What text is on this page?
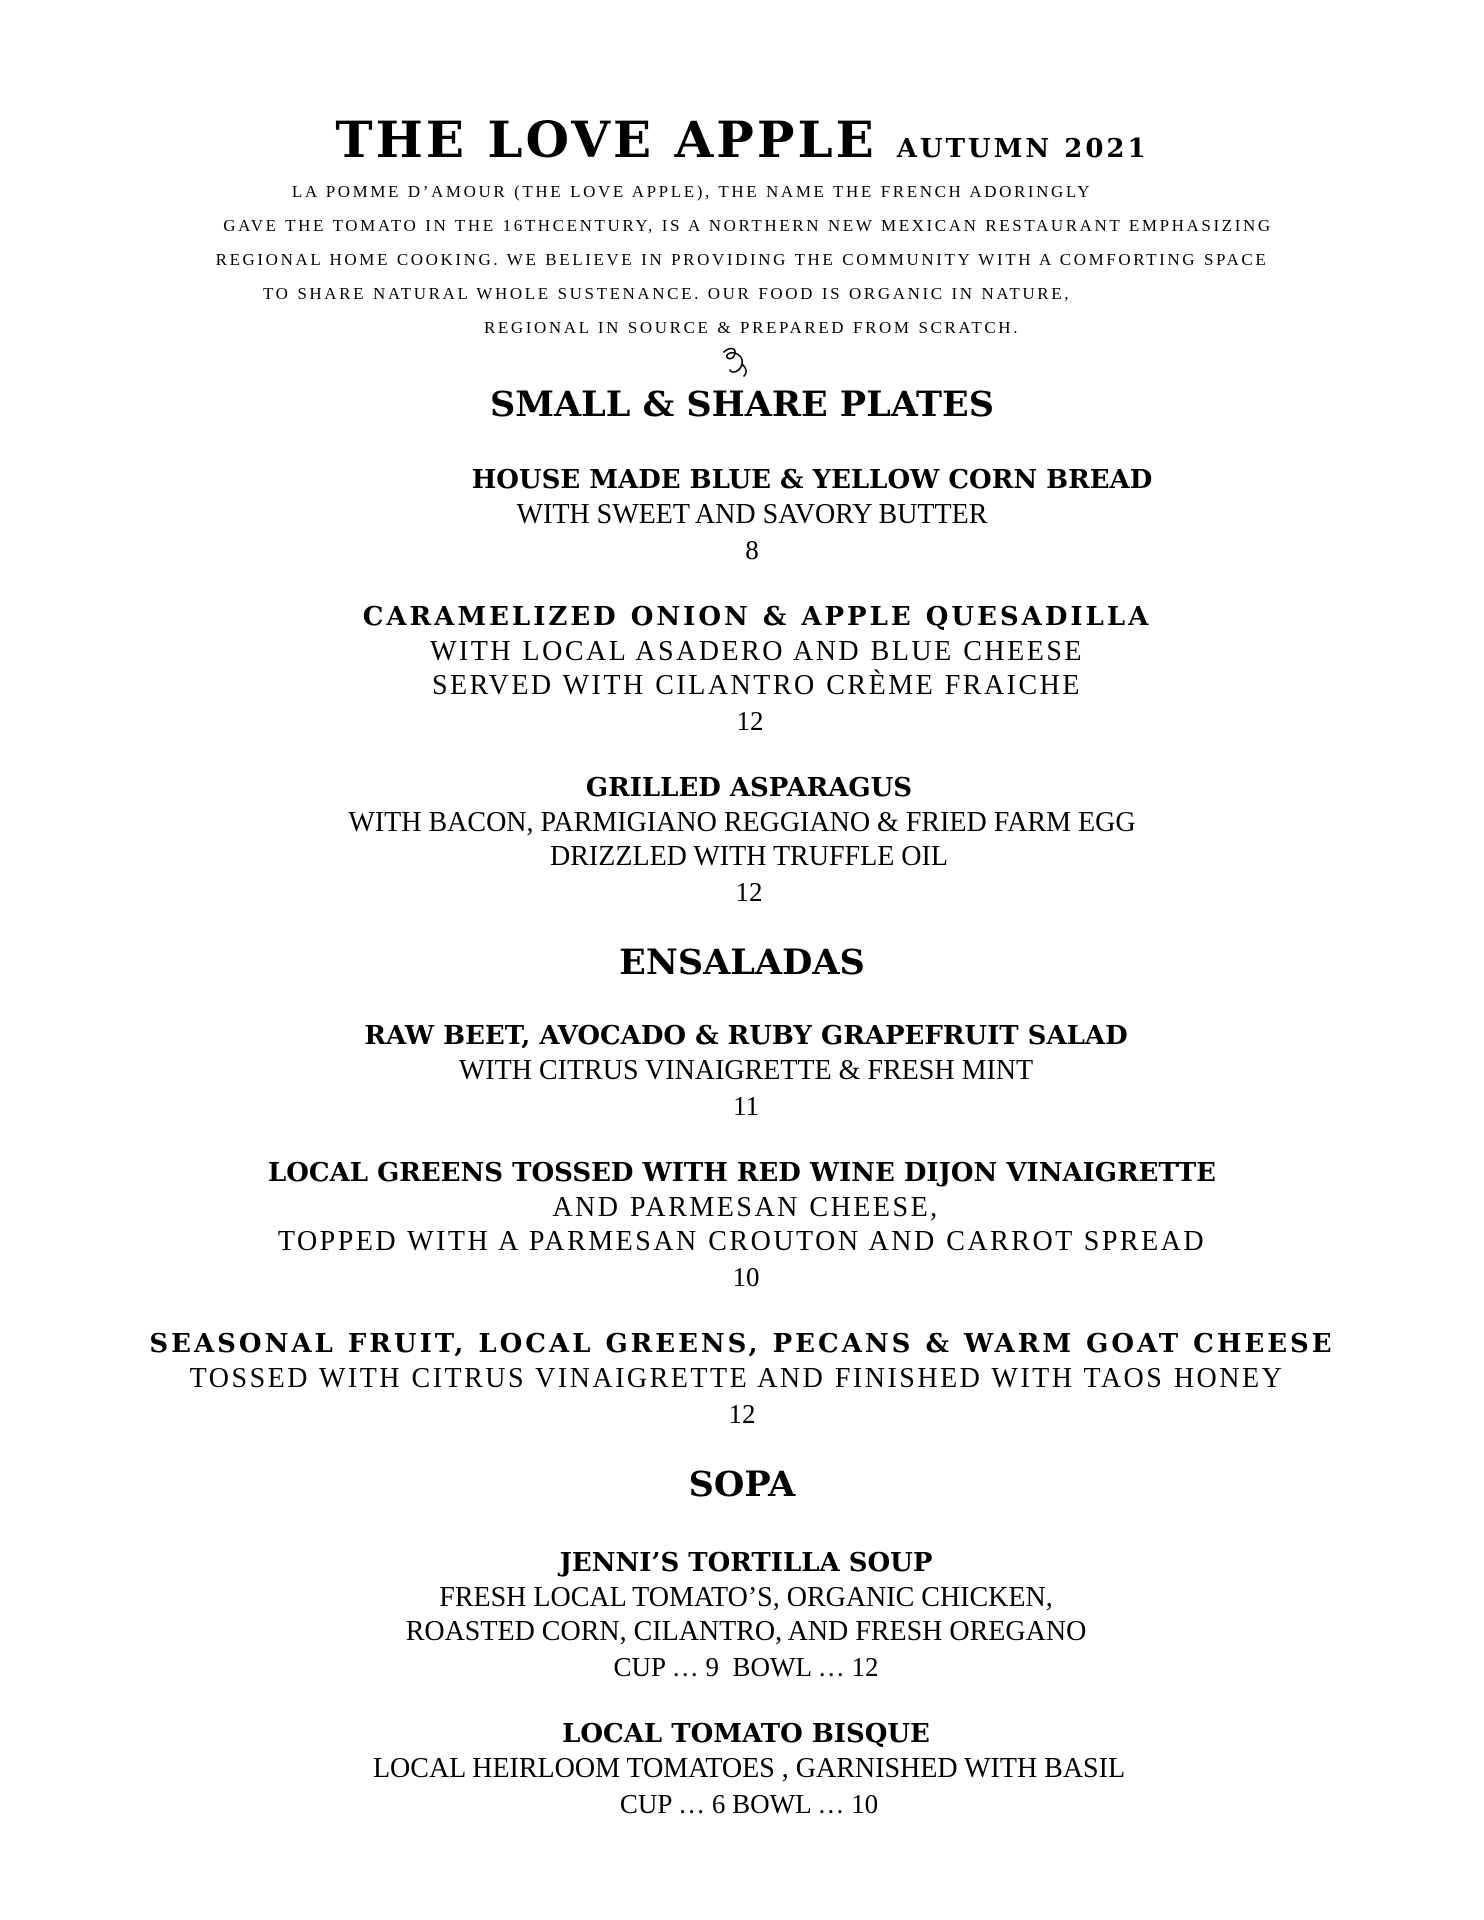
THE LOVE APPLE AUTUMN 2021
LA POMME D’AMOUR (THE LOVE APPLE), THE NAME THE FRENCH ADORINGLY
GAVE THE TOMATO IN THE 16THCENTURY, IS A NORTHERN NEW MEXICAN RESTAURANT EMPHASIZING
REGIONAL HOME COOKING. WE BELIEVE IN PROVIDING THE COMMUNITY WITH A COMFORTING SPACE
TO SHARE NATURAL WHOLE SUSTENANCE. OUR FOOD IS ORGANIC IN NATURE,
REGIONAL IN SOURCE & PREPARED FROM SCRATCH.
SMALL & SHARE PLATES
HOUSE MADE BLUE & YELLOW CORN BREAD
WITH SWEET AND SAVORY BUTTER
8
CARAMELIZED ONION & APPLE QUESADILLA
WITH LOCAL ASADERO AND BLUE CHEESE
SERVED WITH CILANTRO CRÈME FRAICHE
12
GRILLED ASPARAGUS
WITH BACON, PARMIGIANO REGGIANO & FRIED FARM EGG
DRIZZLED WITH TRUFFLE OIL
12
ENSALADAS
RAW BEET, AVOCADO & RUBY GRAPEFRUIT SALAD
WITH CITRUS VINAIGRETTE & FRESH MINT
11
LOCAL GREENS TOSSED WITH RED WINE DIJON VINAIGRETTE
AND PARMESAN CHEESE,
TOPPED WITH A PARMESAN CROUTON AND CARROT SPREAD
10
SEASONAL FRUIT, LOCAL GREENS, PECANS & WARM GOAT CHEESE
TOSSED WITH CITRUS VINAIGRETTE AND FINISHED WITH TAOS HONEY
12
SOPA
JENNI’S TORTILLA SOUP
FRESH LOCAL TOMATO’S, ORGANIC CHICKEN,
ROASTED CORN, CILANTRO, AND FRESH OREGANO
CUP … 9  BOWL … 12
LOCAL TOMATO BISQUE
LOCAL HEIRLOOM TOMATOES , GARNISHED WITH BASIL
CUP … 6 BOWL … 10
